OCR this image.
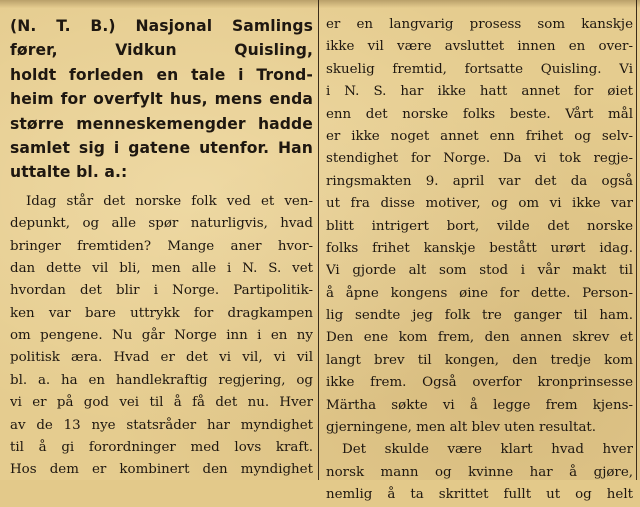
(N. T. B.) Nasjonal Samlings
fører, Vidkun Quisling,
holdt forleden en tale i Trond-
heim for overfylt hus, mens enda
større menneskemengder hadde
samlet sig i gatene utenfor. Han
uttalte bl. a.:
Idag står det norske folk ved et ven-
depunkt, og alle spør naturligvis, hvad
bringer fremtiden? Mange aner hvor-
dan dette vil bli, men alle i N. S. vet
hvordan det blir i Norge. Partipolitik-
ken var bare uttrykk for dragkampen
om pengene. Nu går Norge inn i en ny
politisk æra. Hvad er det vi vil, vi vil
bl. a. ha en handlekraftig regjering, og
vi er på god vei til å få det nu. Hver
av de 13 nye statsråder har myndighet
til å gi forordninger med lovs kraft.
Hos dem er kombinert den myndighet
er en langvarig prosess som kanskje
ikke vil være avsluttet innen en over-
skuelig fremtid, fortsatte Quisling. Vi
i N. S. har ikke hatt annet for øiet
enn det norske folks beste. Vårt mål
er ikke noget annet enn frihet og selv-
stendighet for Norge. Da vi tok regje-
ringsmakten 9. april var det da også
ut fra disse motiver, og om vi ikke var
blitt intrigert bort, vilde det norske
folks frihet kanskje bestått urørt idag.
Vi gjorde alt som stod i vår makt til
å åpne kongens øine for dette. Person-
lig sendte jeg folk tre ganger til ham.
Den ene kom frem, den annen skrev et
langt brev til kongen, den tredje kom
ikke frem. Også overfor kronprinsesse
Märtha søkte vi å legge frem kjens-
gjerningene, men alt blev uten resultat.
Det skulde være klart hvad hver
norsk mann og kvinne har å gjøre,
nemlig å ta skrittet fullt ut og helt
